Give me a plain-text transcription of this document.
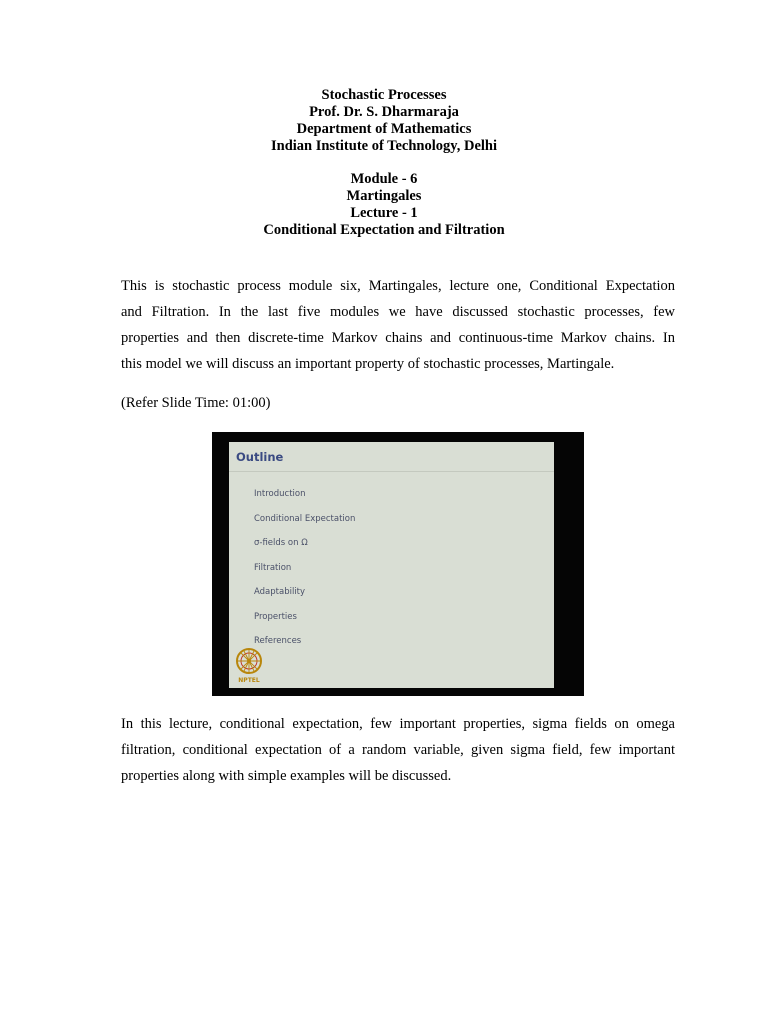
Stochastic Processes
Prof. Dr. S. Dharmaraja
Department of Mathematics
Indian Institute of Technology, Delhi
Module - 6
Martingales
Lecture - 1
Conditional Expectation and Filtration
This is stochastic process module six, Martingales, lecture one, Conditional Expectation
and Filtration. In the last five modules we have discussed stochastic processes, few
properties and then discrete-time Markov chains and continuous-time Markov chains. In
this model we will discuss an important property of stochastic processes, Martingale.
(Refer Slide Time: 01:00)
Outline
Introduction
Conditional Expectation
σ-fields on Ω
Filtration
Adaptability
Properties
References
NPTEL
In this lecture, conditional expectation, few important properties, sigma fields on omega
filtration, conditional expectation of a random variable, given sigma field, few important
properties along with simple examples will be discussed.
